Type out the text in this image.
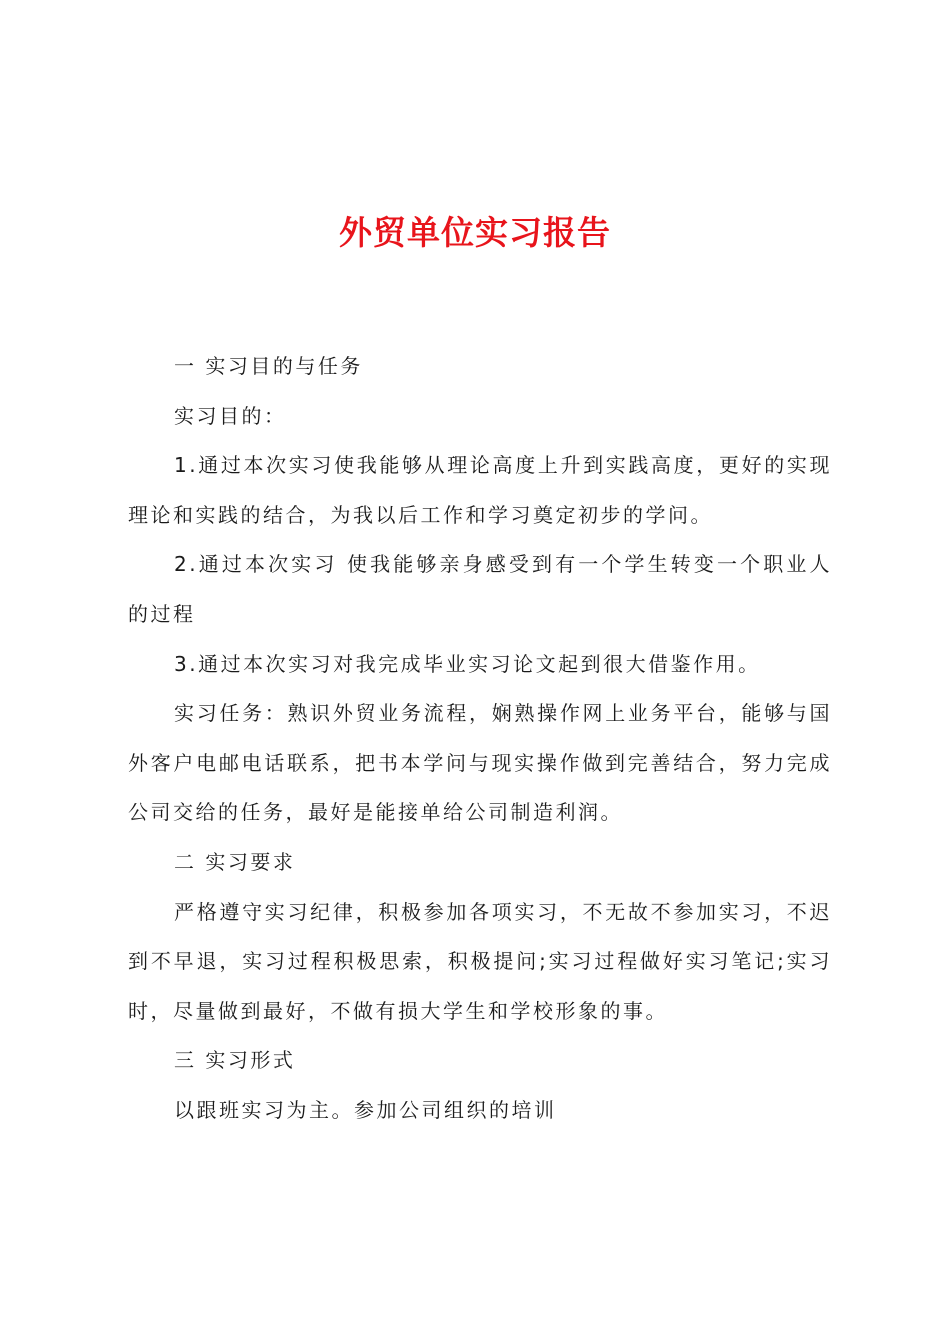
外贸单位实习报告

一 实习目的与任务

实习目的：

1.通过本次实习使我能够从理论高度上升到实践高度，更好的实现理论和实践的结合，为我以后工作和学习奠定初步的学问。

2.通过本次实习 使我能够亲身感受到有一个学生转变一个职业人的过程

3.通过本次实习对我完成毕业实习论文起到很大借鉴作用。

实习任务：熟识外贸业务流程，娴熟操作网上业务平台，能够与国外客户电邮电话联系，把书本学问与现实操作做到完善结合，努力完成公司交给的任务，最好是能接单给公司制造利润。

二 实习要求

严格遵守实习纪律，积极参加各项实习，不无故不参加实习，不迟到不早退，实习过程积极思索，积极提问;实习过程做好实习笔记;实习时，尽量做到最好，不做有损大学生和学校形象的事。

三 实习形式

以跟班实习为主。参加公司组织的培训
